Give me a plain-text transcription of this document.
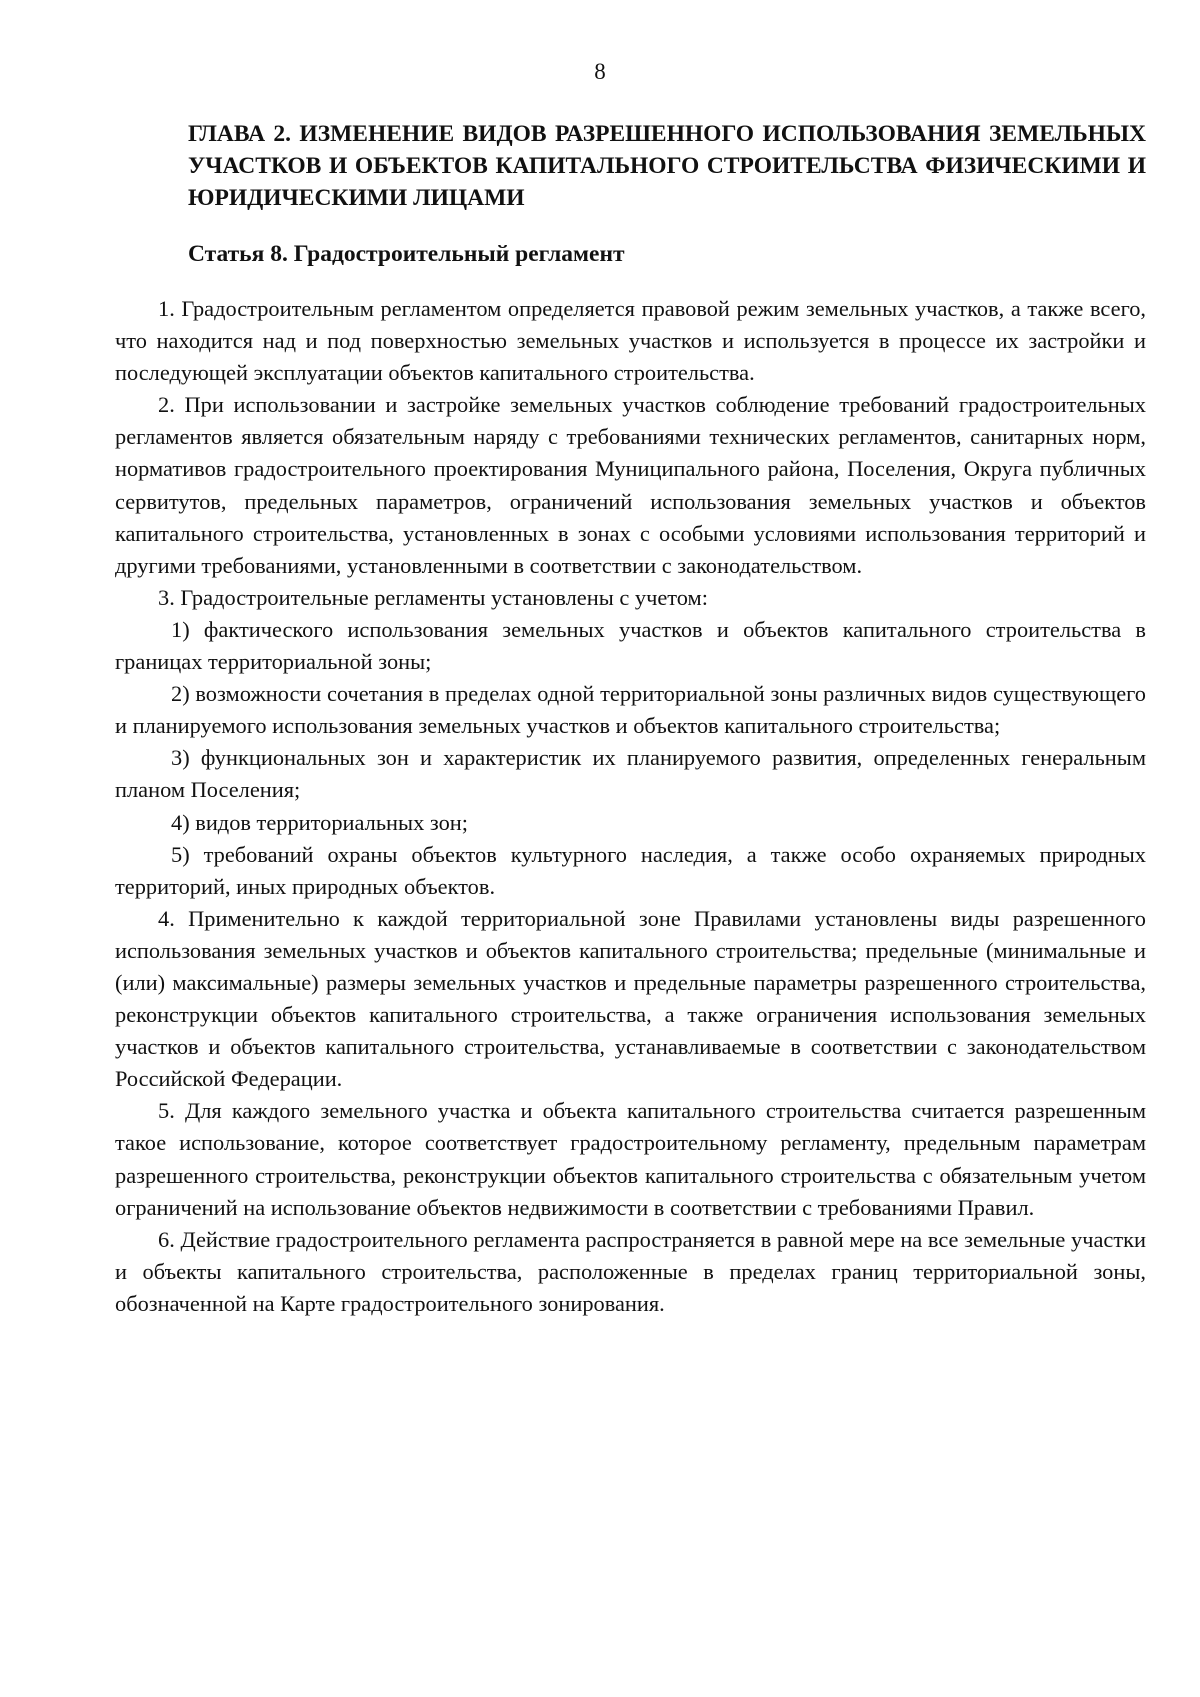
8
ГЛАВА 2. ИЗМЕНЕНИЕ ВИДОВ РАЗРЕШЕННОГО ИСПОЛЬЗОВАНИЯ ЗЕМЕЛЬНЫХ УЧАСТКОВ И ОБЪЕКТОВ КАПИТАЛЬНОГО СТРОИТЕЛЬСТВА ФИЗИЧЕСКИМИ И ЮРИДИЧЕСКИМИ ЛИЦАМИ
Статья 8. Градостроительный регламент

1. Градостроительным регламентом определяется правовой режим земельных участков, а также всего, что находится над и под поверхностью земельных участков и используется в процессе их застройки и последующей эксплуатации объектов капитального строительства.

2. При использовании и застройке земельных участков соблюдение требований градостроительных регламентов является обязательным наряду с требованиями технических регламентов, санитарных норм, нормативов градостроительного проектирования Муниципального района, Поселения, Округа публичных сервитутов, предельных параметров, ограничений использования земельных участков и объектов капитального строительства, установленных в зонах с особыми условиями использования территорий и другими требованиями, установленными в соответствии с законодательством.

3. Градостроительные регламенты установлены с учетом:

1) фактического использования земельных участков и объектов капитального строительства в границах территориальной зоны;

2) возможности сочетания в пределах одной территориальной зоны различных видов существующего и планируемого использования земельных участков и объектов капитального строительства;

3) функциональных зон и характеристик их планируемого развития, определенных генеральным планом Поселения;

4) видов территориальных зон;

5) требований охраны объектов культурного наследия, а также особо охраняемых природных территорий, иных природных объектов.

4. Применительно к каждой территориальной зоне Правилами установлены виды разрешенного использования земельных участков и объектов капитального строительства; предельные (минимальные и (или) максимальные) размеры земельных участков и предельные параметры разрешенного строительства, реконструкции объектов капитального строительства, а также ограничения использования земельных участков и объектов капитального строительства, устанавливаемые в соответствии с законодательством Российской Федерации.

5. Для каждого земельного участка и объекта капитального строительства считается разрешенным такое использование, которое соответствует градостроительному регламенту, предельным параметрам разрешенного строительства, реконструкции объектов капитального строительства с обязательным учетом ограничений на использование объектов недвижимости в соответствии с требованиями Правил.

6. Действие градостроительного регламента распространяется в равной мере на все земельные участки и объекты капитального строительства, расположенные в пределах границ территориальной зоны, обозначенной на Карте градостроительного зонирования.
